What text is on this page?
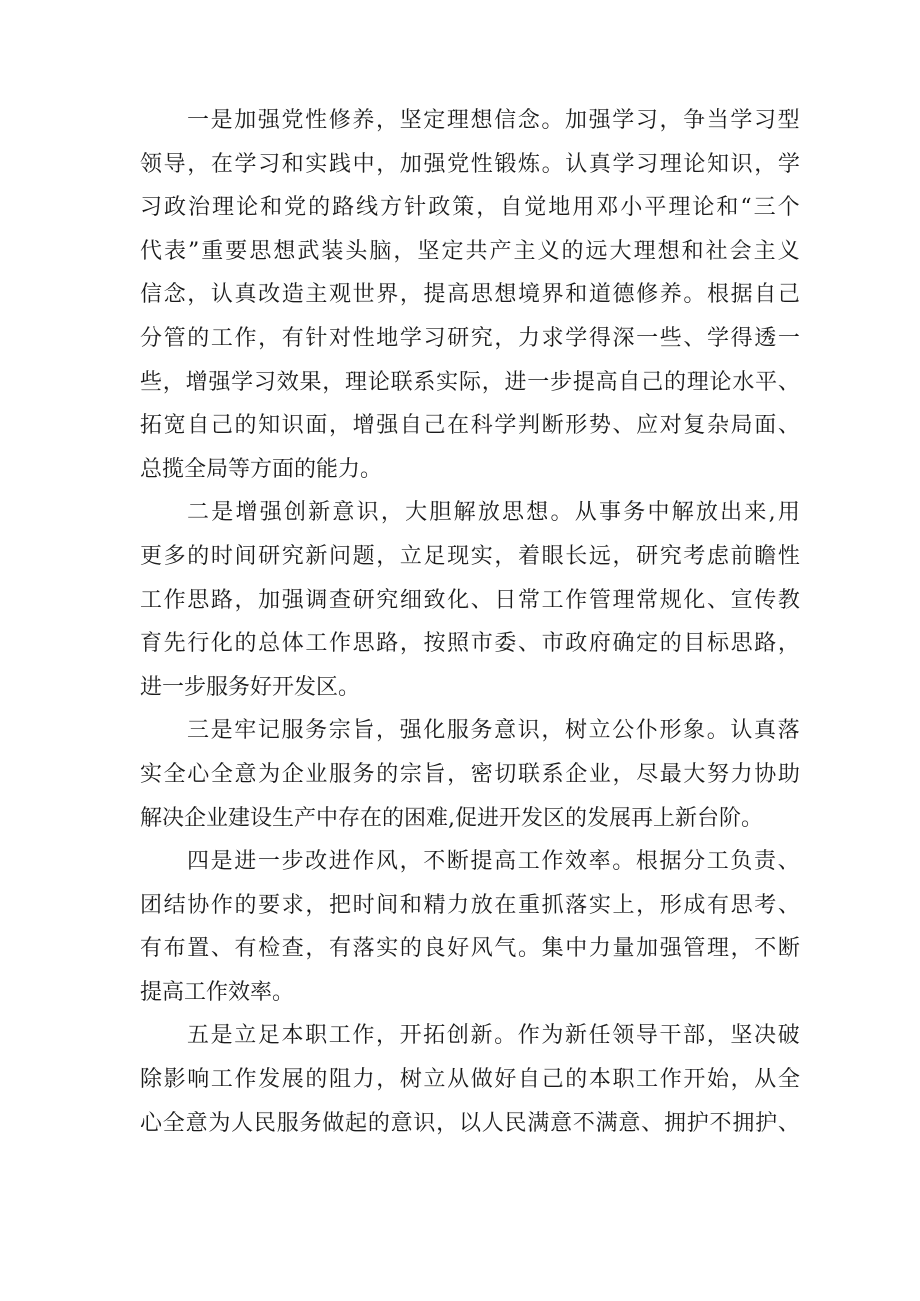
一 是 加 强 党 性 修 养 ， 坚 定 理 想 信 念 。 加 强 学 习 ， 争 当 学 习 型
领 导 ， 在 学 习 和 实 践 中 ， 加 强 党 性 锻 炼 。 认 真 学 习 理 论 知 识 ， 学
习 政 治 理 论 和 党 的 路 线 方 针 政 策 ， 自 觉 地 用 邓 小 平 理 论 和 “ 三 个
代 表 ” 重 要 思 想 武 装 头 脑 ， 坚 定 共 产 主 义 的 远 大 理 想 和 社 会 主 义
信 念 ， 认 真 改 造 主 观 世 界 ， 提 高 思 想 境 界 和 道 德 修 养 。 根 据 自 己
分 管 的 工 作 ， 有 针 对 性 地 学 习 研 究 ， 力 求 学 得 深 一 些 、 学 得 透 一
些 ， 增 强 学 习 效 果 ， 理 论 联 系 实 际 ， 进 一 步 提 高 自 己 的 理 论 水 平 、
拓 宽 自 己 的 知 识 面 ， 增 强 自 己 在 科 学 判 断 形 势 、 应 对 复 杂 局 面 、
总揽全局等方面的能力。
二 是 增 强 创 新 意 识 ， 大 胆 解 放 思 想 。 从 事 务 中 解 放 出 来 , 用
更 多 的 时 间 研 究 新 问 题 ， 立 足 现 实 ， 着 眼 长 远 ， 研 究 考 虑 前 瞻 性
工 作 思 路 ， 加 强 调 查 研 究 细 致 化 、 日 常 工 作 管 理 常 规 化 、 宣 传 教
育 先 行 化 的 总 体 工 作 思 路 ， 按 照 市 委 、 市 政 府 确 定 的 目 标 思 路 ，
进一步服务好开发区。
三 是 牢 记 服 务 宗 旨 ， 强 化 服 务 意 识 ， 树 立 公 仆 形 象 。 认 真 落
实 全 心 全 意 为 企 业 服 务 的 宗 旨 ， 密 切 联 系 企 业 ， 尽 最 大 努 力 协 助
解决企业建设生产中存在的困难,促进开发区的发展再上新台阶。
四 是 进 一 步 改 进 作 风 ， 不 断 提 高 工 作 效 率 。 根 据 分 工 负 责 、
团 结 协 作 的 要 求 ， 把 时 间 和 精 力 放 在 重 抓 落 实 上 ， 形 成 有 思 考 、
有 布 置 、 有 检 查 ， 有 落 实 的 良 好 风 气 。 集 中 力 量 加 强 管 理 ， 不 断
提高工作效率。
五 是 立 足 本 职 工 作 ， 开 拓 创 新 。 作 为 新 任 领 导 干 部 ， 坚 决 破
除 影 响 工 作 发 展 的 阻 力 ， 树 立 从 做 好 自 己 的 本 职 工 作 开 始 ， 从 全
心 全 意 为 人 民 服 务 做 起 的 意 识 ， 以 人 民 满 意 不 满 意 、 拥 护 不 拥 护 、
